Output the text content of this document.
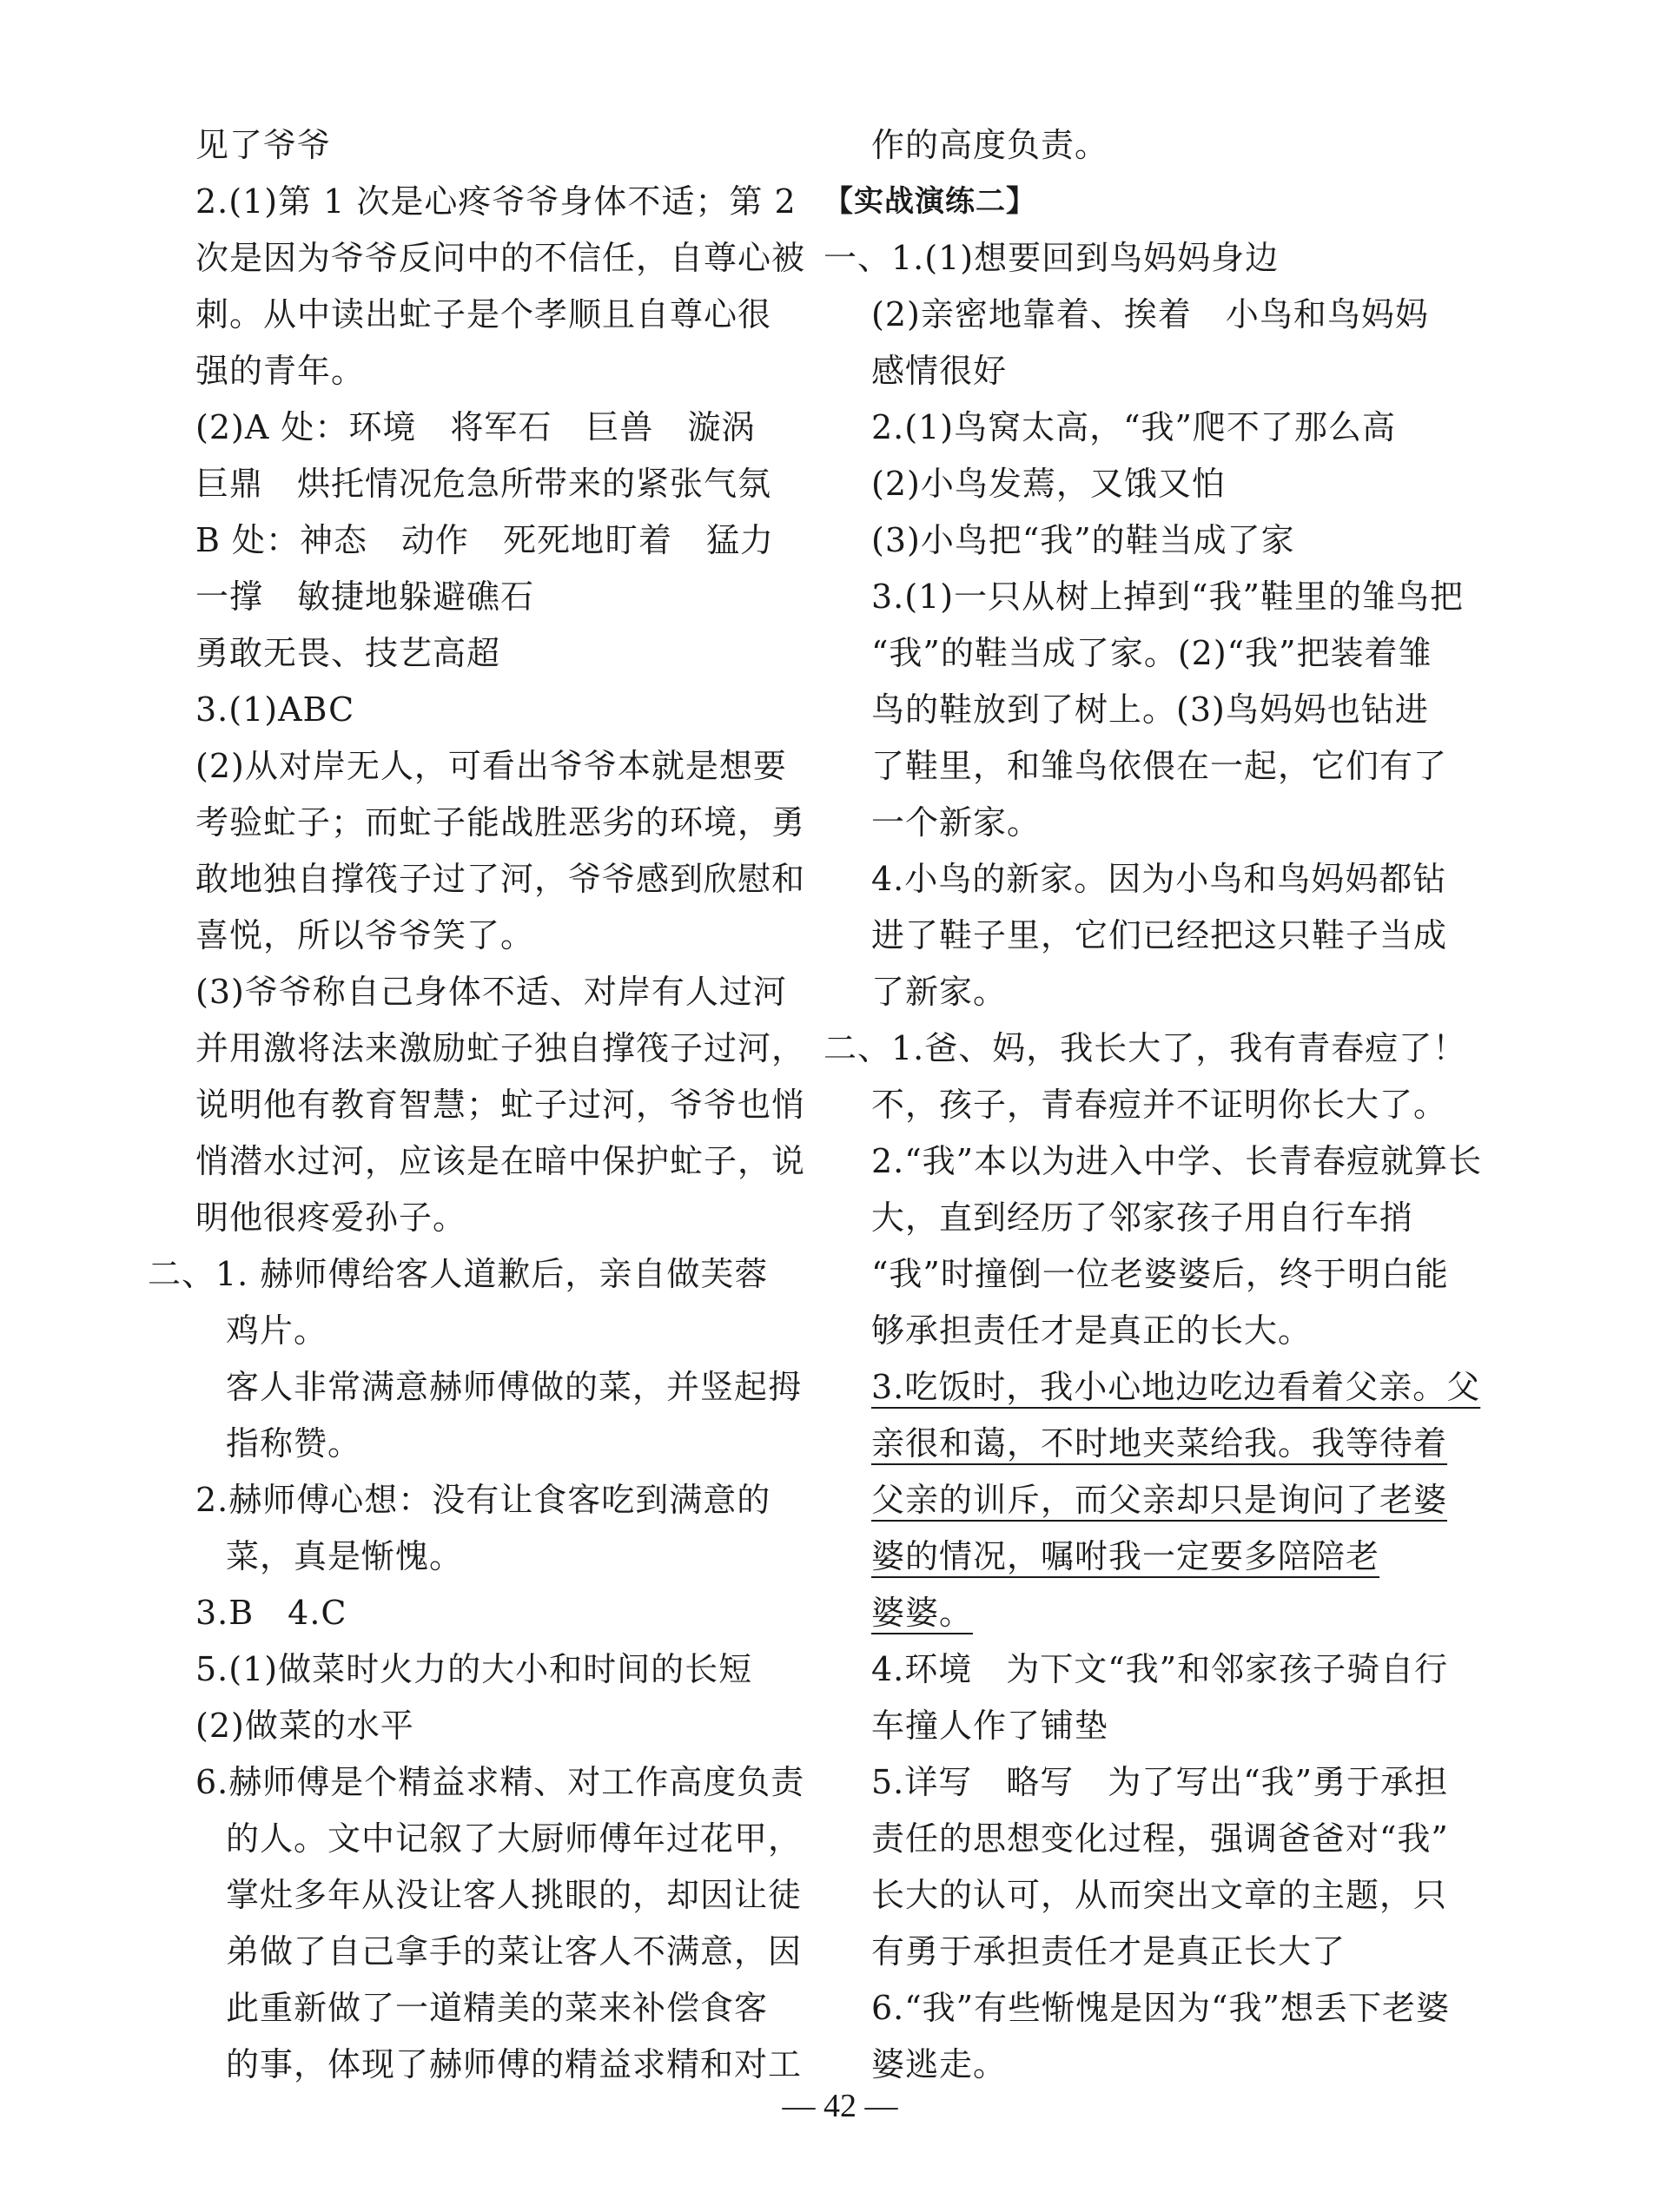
见了爷爷
2.(1)第 1 次是心疼爷爷身体不适；第 2
次是因为爷爷反问中的不信任，自尊心被
刺。从中读出虻子是个孝顺且自尊心很
强的青年。
(2)A 处：环境　将军石　巨兽　漩涡
巨鼎　烘托情况危急所带来的紧张气氛
B 处：神态　动作　死死地盯着　猛力
一撑　敏捷地躲避礁石
勇敢无畏、技艺高超
3.(1)ABC
(2)从对岸无人，可看出爷爷本就是想要
考验虻子；而虻子能战胜恶劣的环境，勇
敢地独自撑筏子过了河，爷爷感到欣慰和
喜悦，所以爷爷笑了。
(3)爷爷称自己身体不适、对岸有人过河
并用激将法来激励虻子独自撑筏子过河，
说明他有教育智慧；虻子过河，爷爷也悄
悄潜水过河，应该是在暗中保护虻子，说
明他很疼爱孙子。
二、1. 赫师傅给客人道歉后，亲自做芙蓉
鸡片。
客人非常满意赫师傅做的菜，并竖起拇
指称赞。
2.赫师傅心想：没有让食客吃到满意的
菜，真是惭愧。
3.B　4.C
5.(1)做菜时火力的大小和时间的长短
(2)做菜的水平
6.赫师傅是个精益求精、对工作高度负责
的人。文中记叙了大厨师傅年过花甲，
掌灶多年从没让客人挑眼的，却因让徒
弟做了自己拿手的菜让客人不满意，因
此重新做了一道精美的菜来补偿食客
的事，体现了赫师傅的精益求精和对工
作的高度负责。
【实战演练二】
一、1.(1)想要回到鸟妈妈身边
(2)亲密地靠着、挨着　小鸟和鸟妈妈
感情很好
2.(1)鸟窝太高，“我”爬不了那么高
(2)小鸟发蔫，又饿又怕
(3)小鸟把“我”的鞋当成了家
3.(1)一只从树上掉到“我”鞋里的雏鸟把
“我”的鞋当成了家。(2)“我”把装着雏
鸟的鞋放到了树上。(3)鸟妈妈也钻进
了鞋里，和雏鸟依偎在一起，它们有了
一个新家。
4.小鸟的新家。因为小鸟和鸟妈妈都钻
进了鞋子里，它们已经把这只鞋子当成
了新家。
二、1.爸、妈，我长大了，我有青春痘了！
不，孩子，青春痘并不证明你长大了。
2.“我”本以为进入中学、长青春痘就算长
大，直到经历了邻家孩子用自行车捎
“我”时撞倒一位老婆婆后，终于明白能
够承担责任才是真正的长大。
3.吃饭时，我小心地边吃边看着父亲。父
亲很和蔼，不时地夹菜给我。我等待着
父亲的训斥，而父亲却只是询问了老婆
婆的情况，嘱咐我一定要多陪陪老
婆婆。
4.环境　为下文“我”和邻家孩子骑自行
车撞人作了铺垫
5.详写　略写　为了写出“我”勇于承担
责任的思想变化过程，强调爸爸对“我”
长大的认可，从而突出文章的主题，只
有勇于承担责任才是真正长大了
6.“我”有些惭愧是因为“我”想丢下老婆
婆逃走。
— 42 —
